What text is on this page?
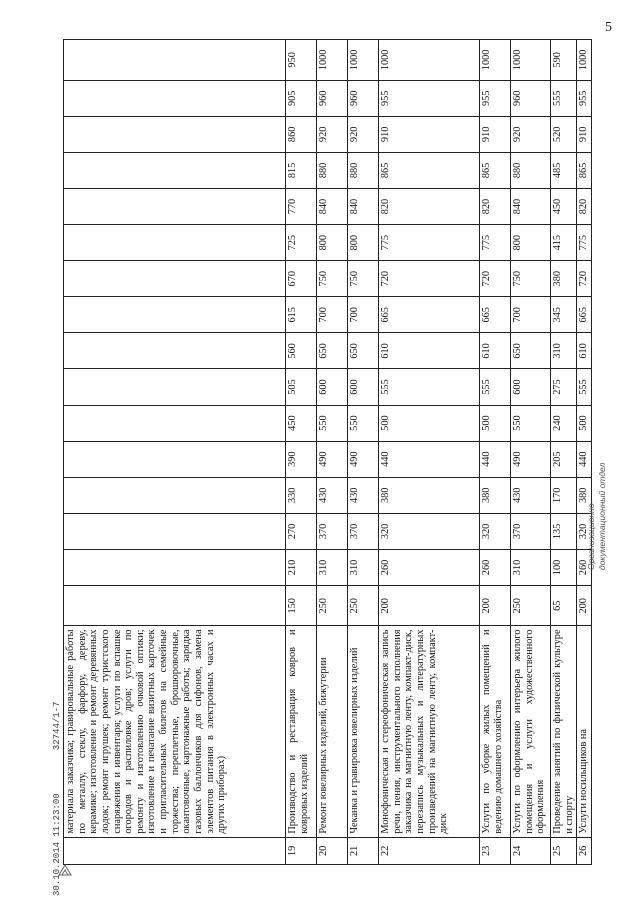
5
	материала заказчика; гравировальные работы по металлу, стеклу, фарфору, дереву, керамике; изготовление и ремонт деревянных лодок; ремонт игрушек; ремонт туристского снаряжения и инвентаря; услуги по вспашке огородов и распиловке дров; услуги по ремонту и изготовлению очковой оптики; изготовление и печатание визитных карточек и пригласительных билетов на семейные торжества; переплетные, брошюровочные, окантовочные, картонажные работы; зарядка газовых баллончиков для сифонов, замена элементов питания в электронных часах и других приборах)																
19	Производство и реставрация ковров и ковровых изделий	150	210	270	330	390	450	505	560	615	670	725	770	815	860	905	950
20	Ремонт ювелирных изделий, бижутерии	250	310	370	430	490	550	600	650	700	750	800	840	880	920	960	1000
21	Чеканка и гравировка ювелирных изделий	250	310	370	430	490	550	600	650	700	750	800	840	880	920	960	1000
22	Монофоническая и стереофоническая запись речи, пения, инструментального исполнения заказчика на магнитную ленту, компакт-диск, перезапись музыкальных и литературных произведений на магнитную ленту, компакт-диск	200	260	320	380	440	500	555	610	665	720	775	820	865	910	955	1000
23	Услуги по уборке жилых помещений и ведению домашнего хозяйства	200	260	320	380	440	500	555	610	665	720	775	820	865	910	955	1000
24	Услуги по оформлению интерьера жилого помещения и услуги художественного оформления	250	310	370	430	490	550	600	650	700	750	800	840	880	920	960	1000
25	Проведение занятий по физической культуре и спорту	65	100	135	170	205	240	275	310	345	380	415	450	485	520	555	590
26	Услуги носильщиков на	200	260	320	380	440	500	555	610	665	720	775	820	865	910	955	1000
Организационно- документационный отдел
30.10.2014 11:23:00        32744/1-7
